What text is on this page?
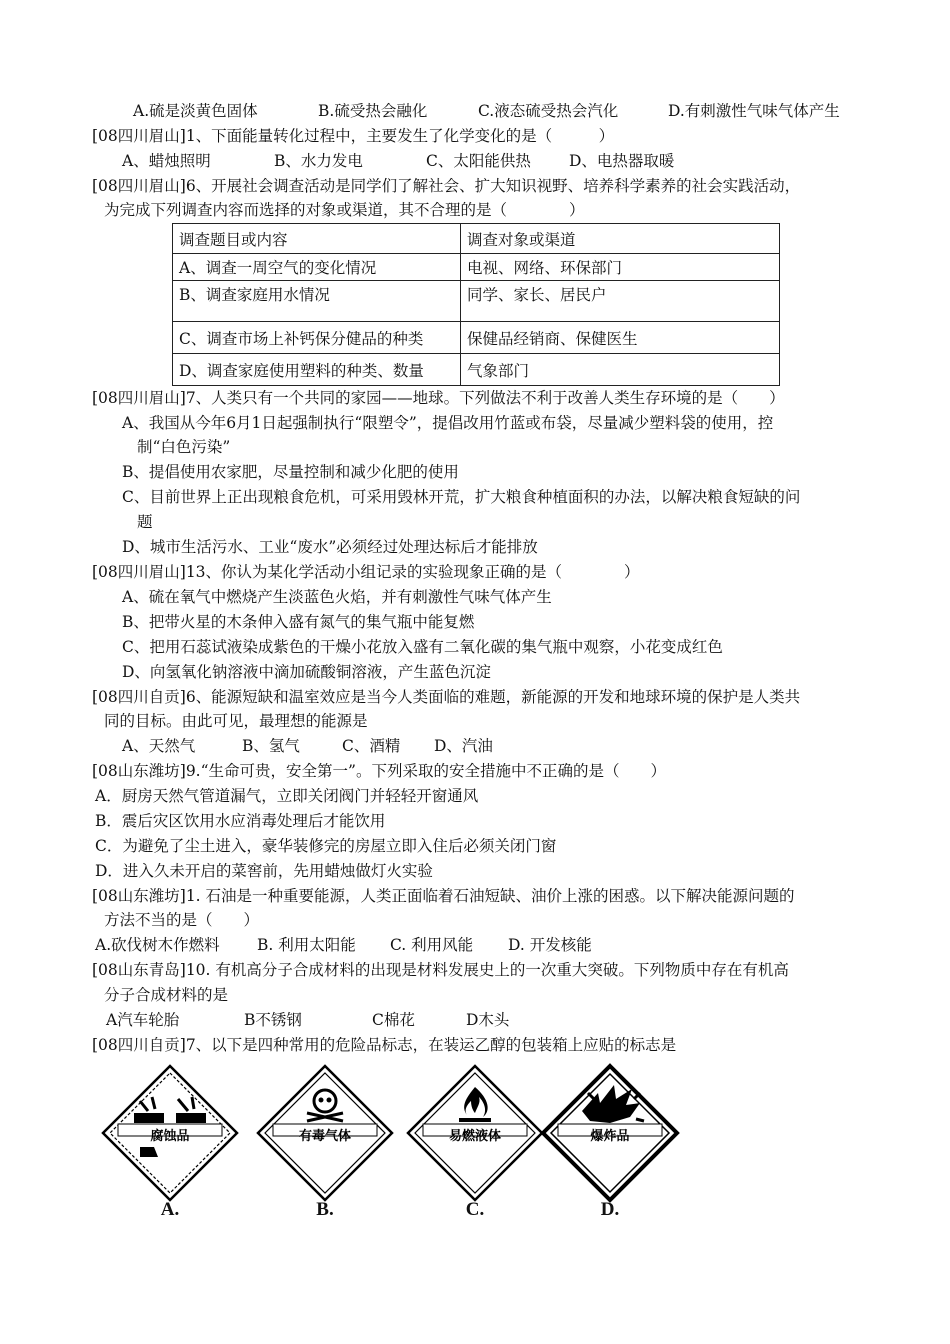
A.硫是淡黄色固体	B.硫受热会融化	C.液态硫受热会汽化	D.有刺激性气味气体产生
[08四川眉山]1、下面能量转化过程中，主要发生了化学变化的是（　　　）
A、蜡烛照明	B、水力发电	C、太阳能供热	D、电热器取暖
[08四川眉山]6、开展社会调查活动是同学们了解社会、扩大知识视野、培养科学素养的社会实践活动，
为完成下列调查内容而选择的对象或渠道，其不合理的是（　　　　）
调查题目或内容	调查对象或渠道
A、调查一周空气的变化情况	电视、网络、环保部门
B、调查家庭用水情况	同学、家长、居民户
C、调查市场上补钙保分健品的种类	保健品经销商、保健医生
D、调查家庭使用塑料的种类、数量	气象部门
[08四川眉山]7、人类只有一个共同的家园——地球。下列做法不利于改善人类生存环境的是（　　）
A、我国从今年6月1日起强制执行“限塑令”，提倡改用竹蓝或布袋，尽量减少塑料袋的使用，控
制“白色污染”
B、提倡使用农家肥，尽量控制和减少化肥的使用
C、目前世界上正出现粮食危机，可采用毁林开荒，扩大粮食种植面积的办法，以解决粮食短缺的问
题
D、城市生活污水、工业“废水”必须经过处理达标后才能排放
[08四川眉山]13、你认为某化学活动小组记录的实验现象正确的是（　　　　）
A、硫在氧气中燃烧产生淡蓝色火焰，并有刺激性气味气体产生
B、把带火星的木条伸入盛有氮气的集气瓶中能复燃
C、把用石蕊试液染成紫色的干燥小花放入盛有二氧化碳的集气瓶中观察，小花变成红色
D、向氢氧化钠溶液中滴加硫酸铜溶液，产生蓝色沉淀
[08四川自贡]6、能源短缺和温室效应是当今人类面临的难题，新能源的开发和地球环境的保护是人类共
同的目标。由此可见，最理想的能源是
A、天然气	B、氢气	C、酒精	D、汽油
[08山东潍坊]9.“生命可贵，安全第一”。下列采取的安全措施中不正确的是（　　）
A．厨房天然气管道漏气，立即关闭阀门并轻轻开窗通风
B．震后灾区饮用水应消毒处理后才能饮用
C．为避免了尘土进入，豪华装修完的房屋立即入住后必须关闭门窗
D．进入久未开启的菜窖前，先用蜡烛做灯火实验
[08山东潍坊]1. 石油是一种重要能源，人类正面临着石油短缺、油价上涨的困惑。以下解决能源问题的
方法不当的是（　　）
A.砍伐树木作燃料	B. 利用太阳能	C. 利用风能	D. 开发核能
[08山东青岛]10. 有机高分子合成材料的出现是材料发展史上的一次重大突破。下列物质中存在有机高
分子合成材料的是
A汽车轮胎	B不锈钢	C棉花	D木头
[08四川自贡]7、以下是四种常用的危险品标志，在装运乙醇的包装箱上应贴的标志是
腐蚀品
A.
有毒气体
B.
易燃液体
C.
爆炸品
D.
